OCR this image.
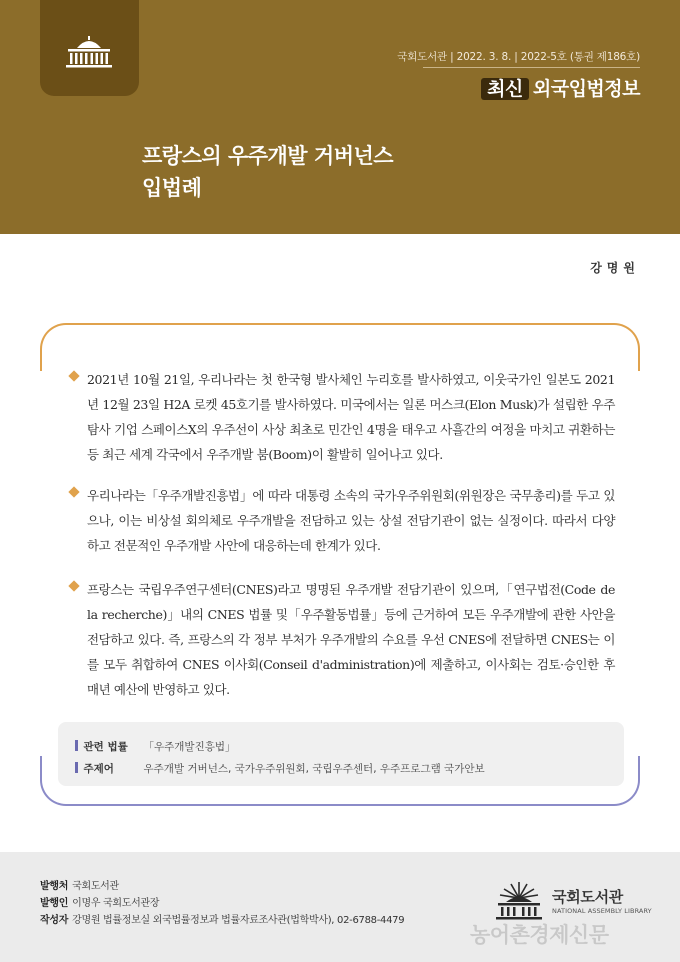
국회도서관 | 2022. 3. 8. | 2022-5호 (통권 제186호)
최신 외국입법정보
프랑스의 우주개발 거버넌스
입법례
강명원
2021년 10월 21일, 우리나라는 첫 한국형 발사체인 누리호를 발사하였고, 이웃국가인 일본도 2021년 12월 23일 H2A 로켓 45호기를 발사하였다. 미국에서는 일론 머스크(Elon Musk)가 설립한 우주탐사 기업 스페이스X의 우주선이 사상 최초로 민간인 4명을 태우고 사흘간의 여정을 마치고 귀환하는 등 최근 세계 각국에서 우주개발 붐(Boom)이 활발히 일어나고 있다.
우리나라는「우주개발진흥법」에 따라 대통령 소속의 국가우주위원회(위원장은 국무총리)를 두고 있으나, 이는 비상설 회의체로 우주개발을 전담하고 있는 상설 전담기관이 없는 실정이다. 따라서 다양하고 전문적인 우주개발 사안에 대응하는데 한계가 있다.
프랑스는 국립우주연구센터(CNES)라고 명명된 우주개발 전담기관이 있으며,「연구법전(Code de la recherche)」내의 CNES 법률 및「우주활동법률」등에 근거하여 모든 우주개발에 관한 사안을 전담하고 있다. 즉, 프랑스의 각 정부 부처가 우주개발의 수요를 우선 CNES에 전달하면 CNES는 이를 모두 취합하여 CNES 이사회(Conseil d'administration)에 제출하고, 이사회는 검토·승인한 후 매년 예산에 반영하고 있다.
관련 법률 「우주개발진흥법」
주제어	우주개발 거버넌스, 국가우주위원회, 국립우주센터, 우주프로그램 국가안보
발행처 국회도서관
발행인 이명우 국회도서관장
작성자 강명원 법률정보실 외국법률정보과 법률자료조사관(법학박사), 02-6788-4479
국회도서관
NATIONAL ASSEMBLY LIBRARY
농어촌경제신문
